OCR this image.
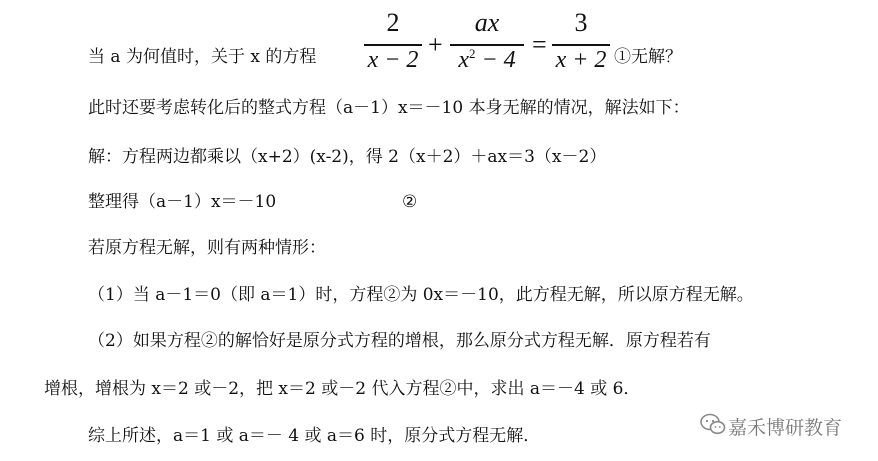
当 a 为何值时，关于 x 的方程
2
x − 2
+
ax
$x^2 - 4$
=
3
x + 2 ①无解？
此时还要考虑转化后的整式方程（a－1）x＝－10 本身无解的情况，解法如下：
解：方程两边都乘以（x+2）(x-2)，得 2（x＋2）＋ax＝3（x－2）
整理得（a－1）x＝－10	②
若原方程无解，则有两种情形：
（1）当 a－1＝0（即 a＝1）时，方程②为 0x＝－10，此方程无解，所以原方程无解。
（2）如果方程②的解恰好是原分式方程的增根，那么原分式方程无解．原方程若有
增根，增根为 x＝2 或－2，把 x＝2 或－2 代入方程②中，求出 a＝－4 或 6．
综上所述，a＝1 或 a＝－ 4 或 a＝6 时，原分式方程无解．	嘉禾博研教育
